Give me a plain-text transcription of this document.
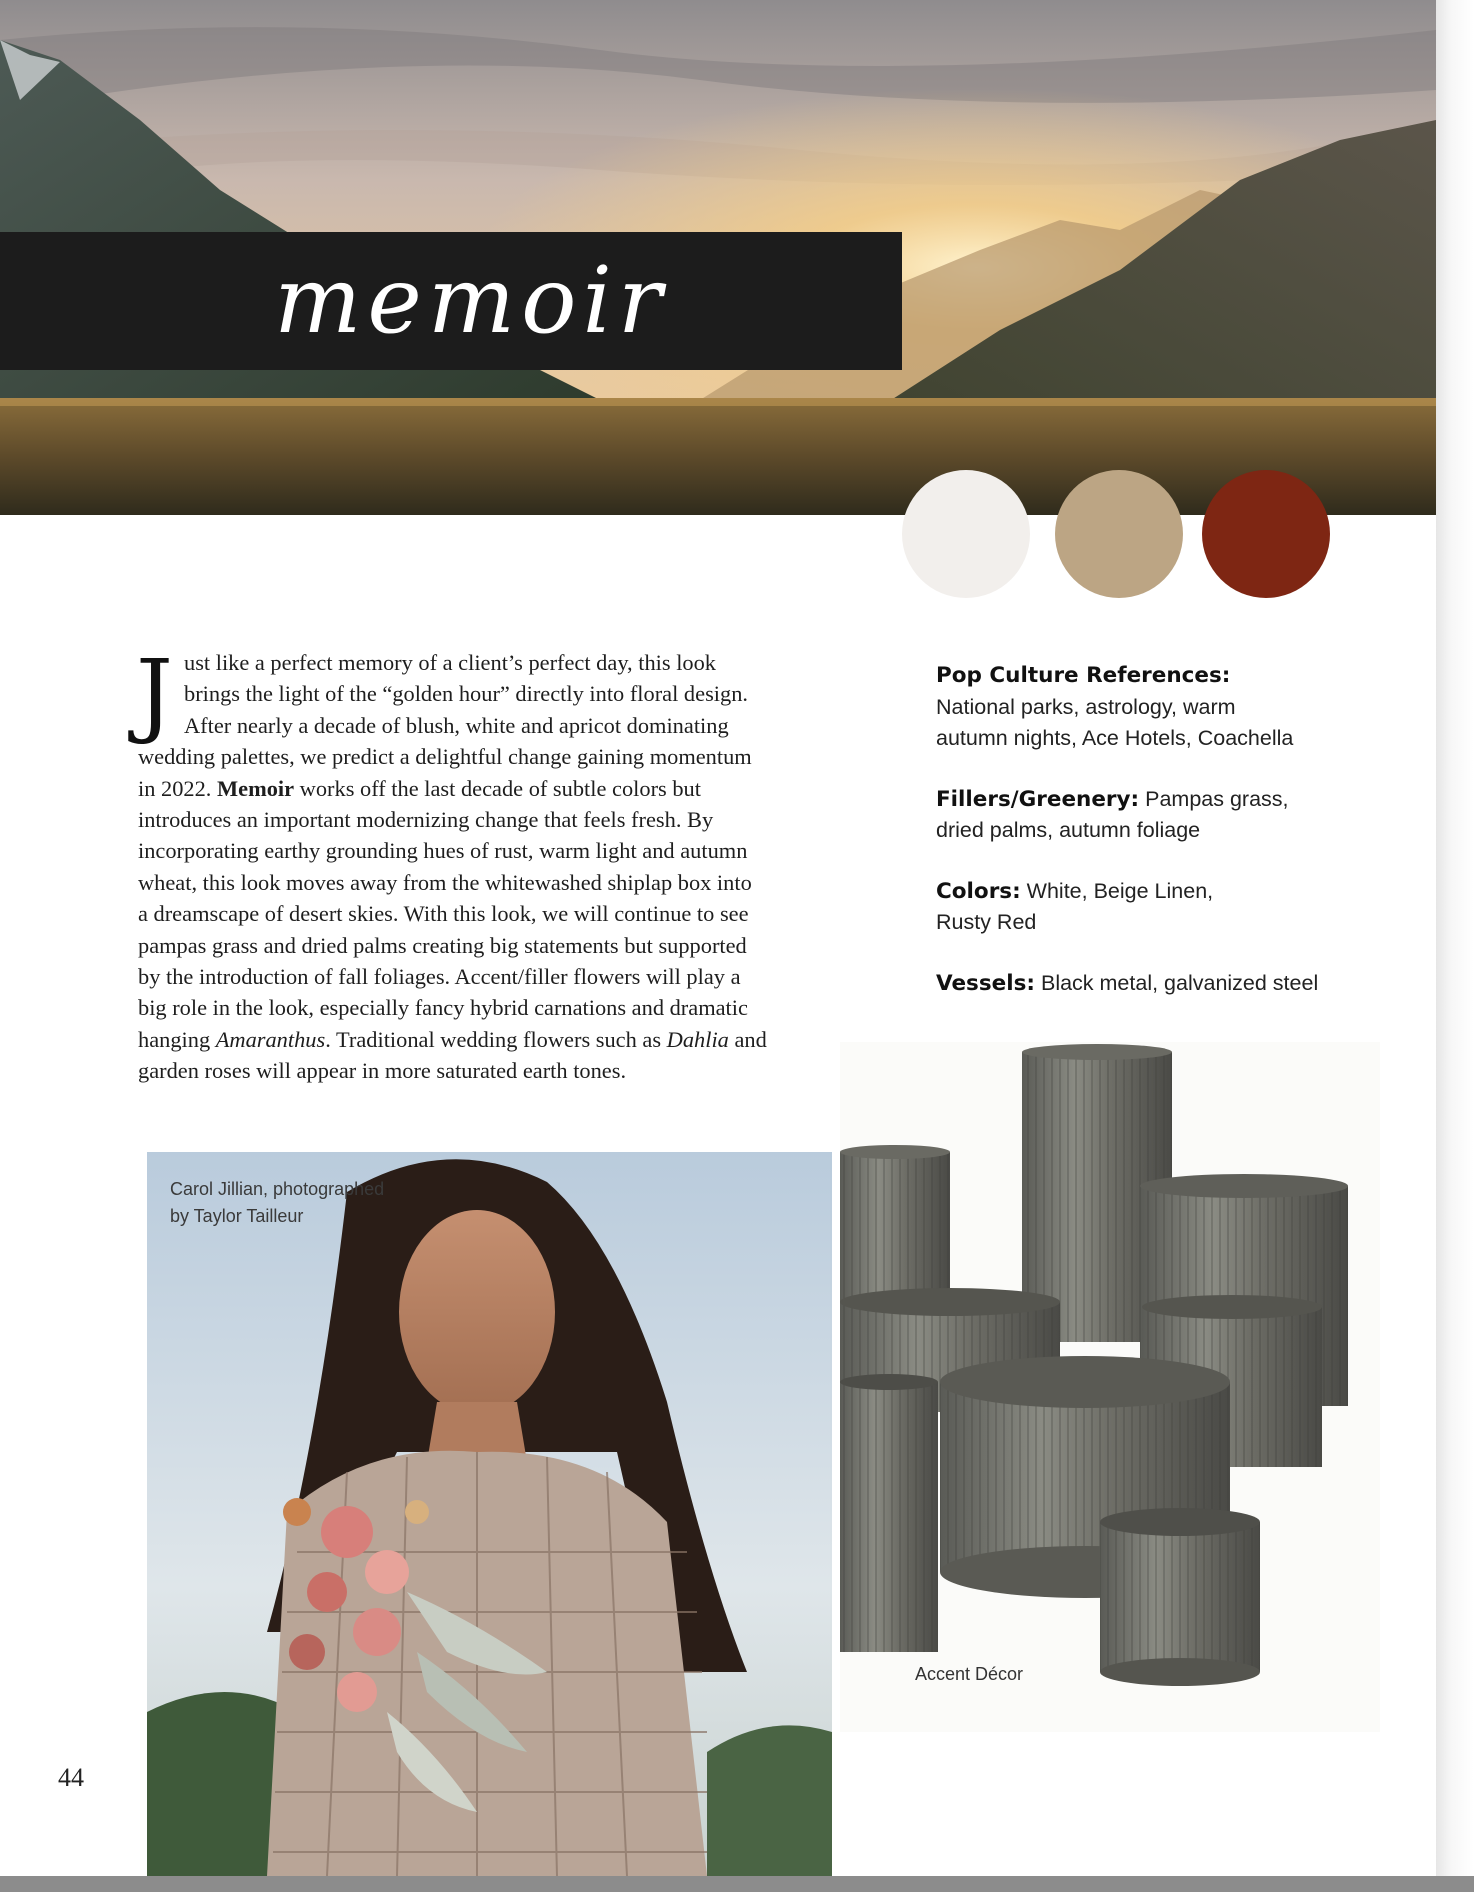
memoir
J ust like a perfect memory of a client’s perfect day, this look
brings the light of the “golden hour” directly into floral design.
After nearly a decade of blush, white and apricot dominating
wedding palettes, we predict a delightful change gaining momentum
in 2022. Memoir works off the last decade of subtle colors but
introduces an important modernizing change that feels fresh. By
incorporating earthy grounding hues of rust, warm light and autumn
wheat, this look moves away from the whitewashed shiplap box into
a dreamscape of desert skies. With this look, we will continue to see
pampas grass and dried palms creating big statements but supported
by the introduction of fall foliages. Accent/filler flowers will play a
big role in the look, especially fancy hybrid carnations and dramatic
hanging Amaranthus. Traditional wedding flowers such as Dahlia and
garden roses will appear in more saturated earth tones.
Pop Culture References:
National parks, astrology, warm
autumn nights, Ace Hotels, Coachella
Fillers/Greenery: Pampas grass,
dried palms, autumn foliage
Colors: White, Beige Linen,
Rusty Red
Vessels: Black metal, galvanized steel
Carol Jillian, photographed
by Taylor Tailleur
Accent Décor
44
